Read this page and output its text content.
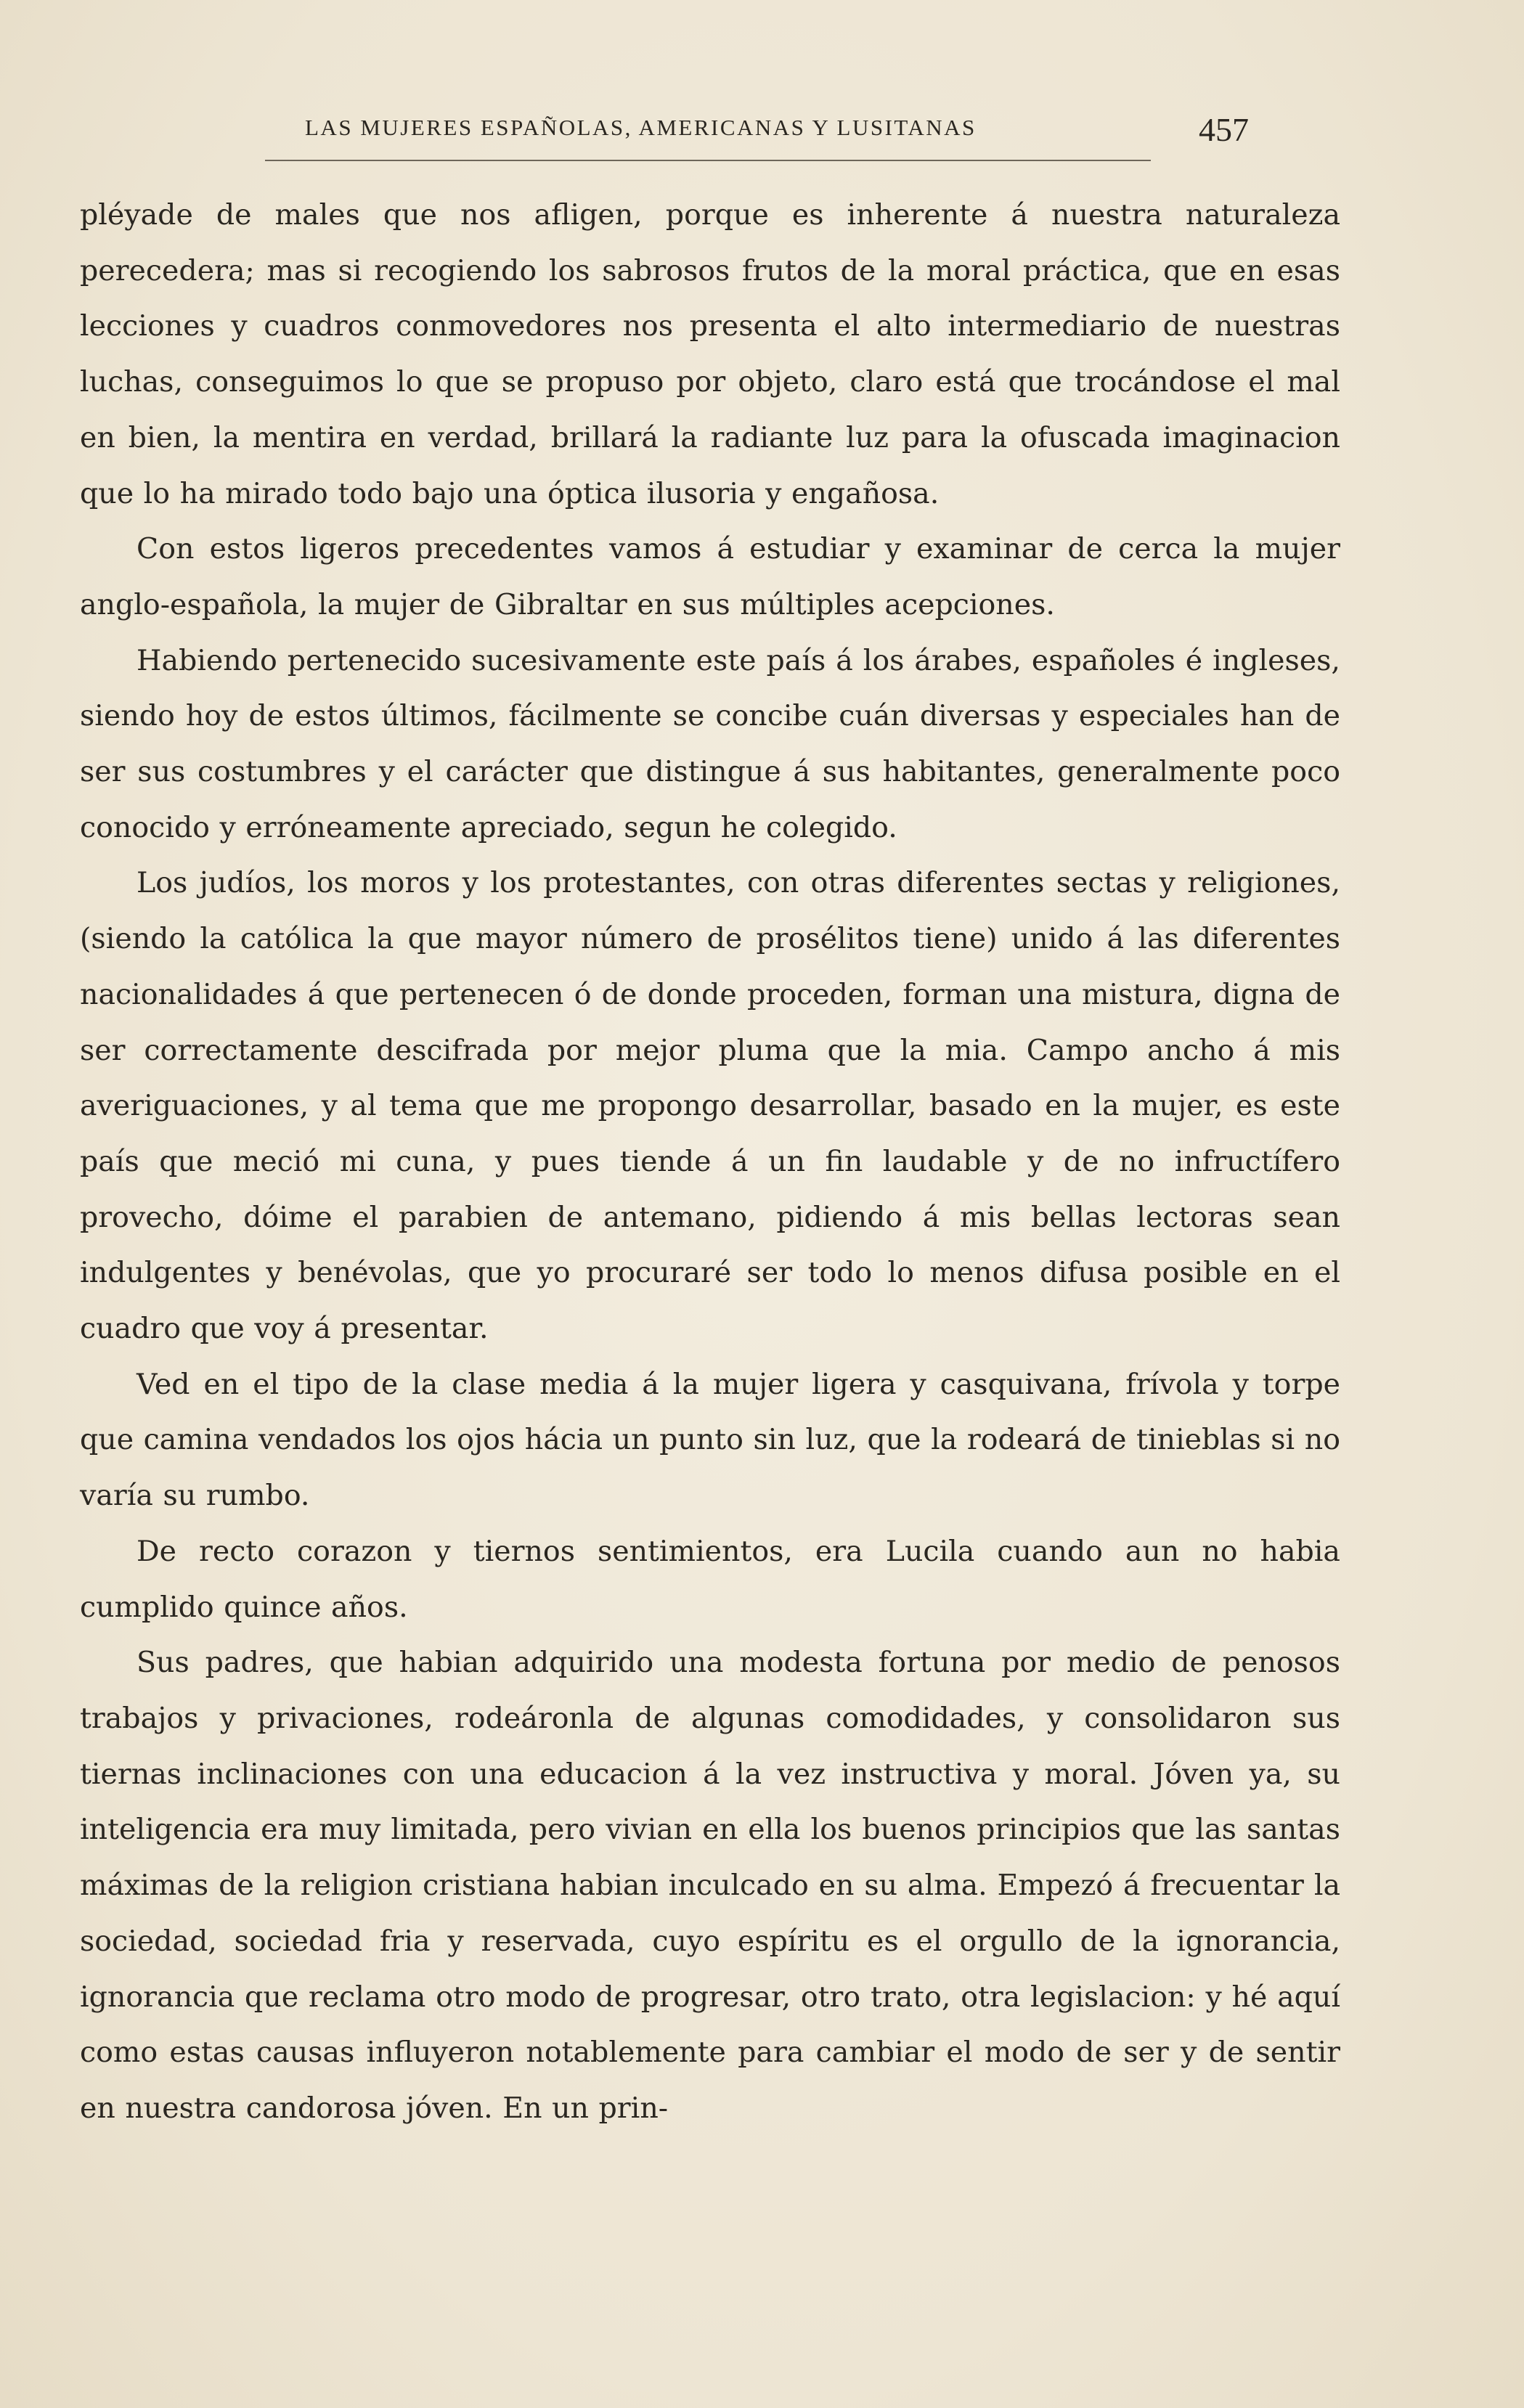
LAS MUJERES ESPAÑOLAS, AMERICANAS Y LUSITANAS	457

pléyade de males que nos afligen, porque es inherente á nuestra naturaleza perecedera; mas si recogiendo los sabrosos frutos de la moral práctica, que en esas lecciones y cuadros conmovedores nos presenta el alto intermediario de nuestras luchas, conseguimos lo que se propuso por objeto, claro está que trocándose el mal en bien, la mentira en verdad, brillará la radiante luz para la ofuscada imaginacion que lo ha mirado todo bajo una óptica ilusoria y engañosa.

Con estos ligeros precedentes vamos á estudiar y examinar de cerca la mujer anglo-española, la mujer de Gibraltar en sus múltiples acepciones.

Habiendo pertenecido sucesivamente este país á los árabes, españoles é ingleses, siendo hoy de estos últimos, fácilmente se concibe cuán diversas y especiales han de ser sus costumbres y el carácter que distingue á sus habitantes, generalmente poco conocido y erróneamente apreciado, segun he colegido.

Los judíos, los moros y los protestantes, con otras diferentes sectas y religiones, (siendo la católica la que mayor número de prosélitos tiene) unido á las diferentes nacionalidades á que pertenecen ó de donde proceden, forman una mistura, digna de ser correctamente descifrada por mejor pluma que la mia. Campo ancho á mis averiguaciones, y al tema que me propongo desarrollar, basado en la mujer, es este país que meció mi cuna, y pues tiende á un fin laudable y de no infructífero provecho, dóime el parabien de antemano, pidiendo á mis bellas lectoras sean indulgentes y benévolas, que yo procuraré ser todo lo menos difusa posible en el cuadro que voy á presentar.

Ved en el tipo de la clase media á la mujer ligera y casquivana, frívola y torpe que camina vendados los ojos hácia un punto sin luz, que la rodeará de tinieblas si no varía su rumbo.

De recto corazon y tiernos sentimientos, era Lucila cuando aun no habia cumplido quince años.

Sus padres, que habian adquirido una modesta fortuna por medio de penosos trabajos y privaciones, rodeáronla de algunas comodidades, y consolidaron sus tiernas inclinaciones con una educacion á la vez instructiva y moral. Jóven ya, su inteligencia era muy limitada, pero vivian en ella los buenos principios que las santas máximas de la religion cristiana habian inculcado en su alma. Empezó á frecuentar la sociedad, sociedad fria y reservada, cuyo espíritu es el orgullo de la ignorancia, ignorancia que reclama otro modo de progresar, otro trato, otra legislacion: y hé aquí como estas causas influyeron notablemente para cambiar el modo de ser y de sentir en nuestra candorosa jóven. En un prin-
